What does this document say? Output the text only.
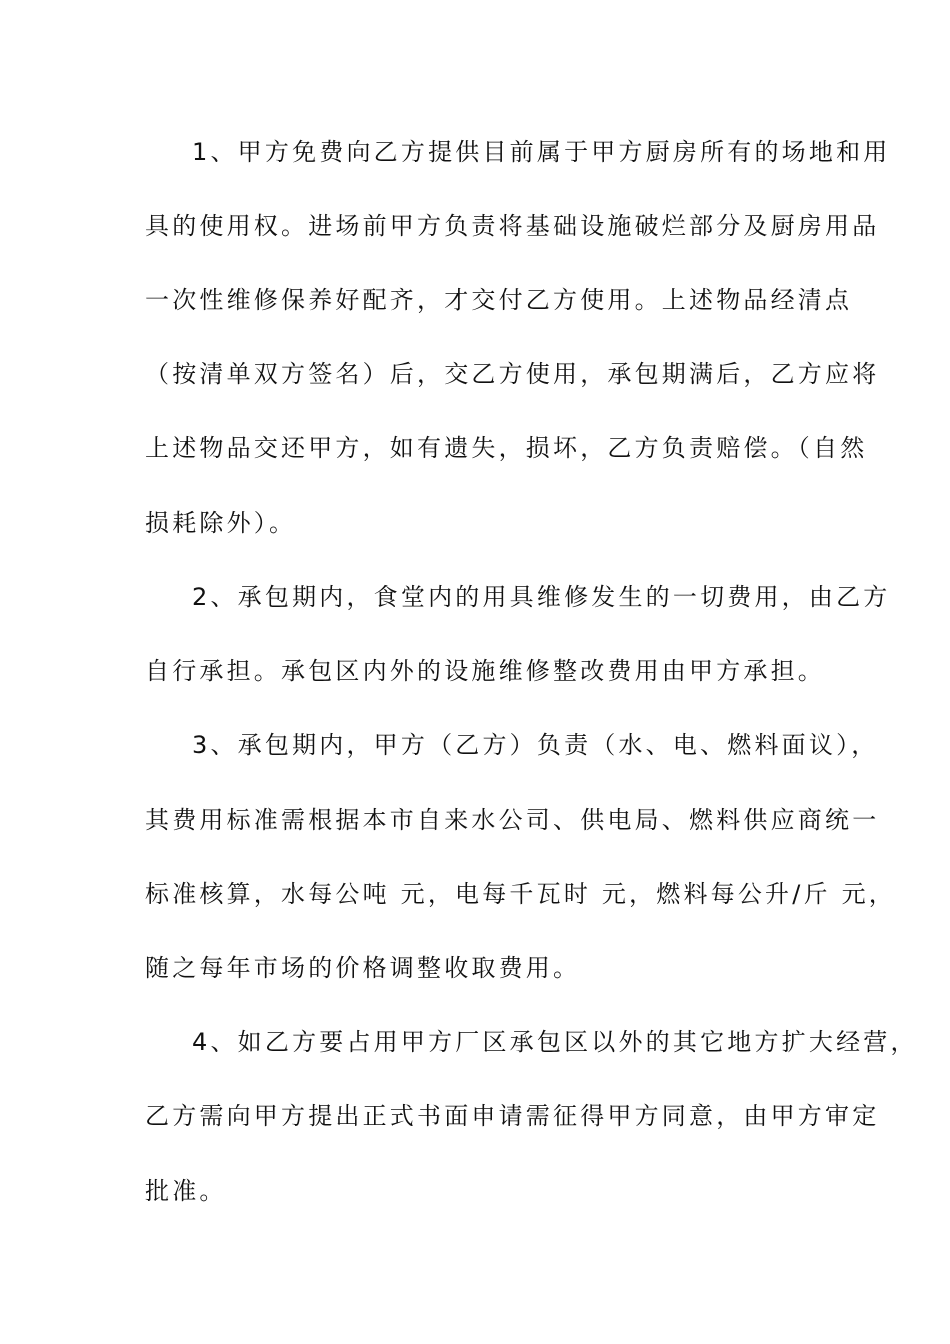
1、甲方免费向乙方提供目前属于甲方厨房所有的场地和用
具的使用权。进场前甲方负责将基础设施破烂部分及厨房用品
一次性维修保养好配齐，才交付乙方使用。上述物品经清点
（按清单双方签名）后，交乙方使用，承包期满后，乙方应将
上述物品交还甲方，如有遗失，损坏，乙方负责赔偿。（自然
损耗除外）。
2、承包期内，食堂内的用具维修发生的一切费用，由乙方
自行承担。承包区内外的设施维修整改费用由甲方承担。
3、承包期内，甲方（乙方）负责（水、电、燃料面议），
其费用标准需根据本市自来水公司、供电局、燃料供应商统一
标准核算，水每公吨 元，电每千瓦时 元，燃料每公升/斤 元，
随之每年市场的价格调整收取费用。
4、如乙方要占用甲方厂区承包区以外的其它地方扩大经营，
乙方需向甲方提出正式书面申请需征得甲方同意，由甲方审定
批准。
